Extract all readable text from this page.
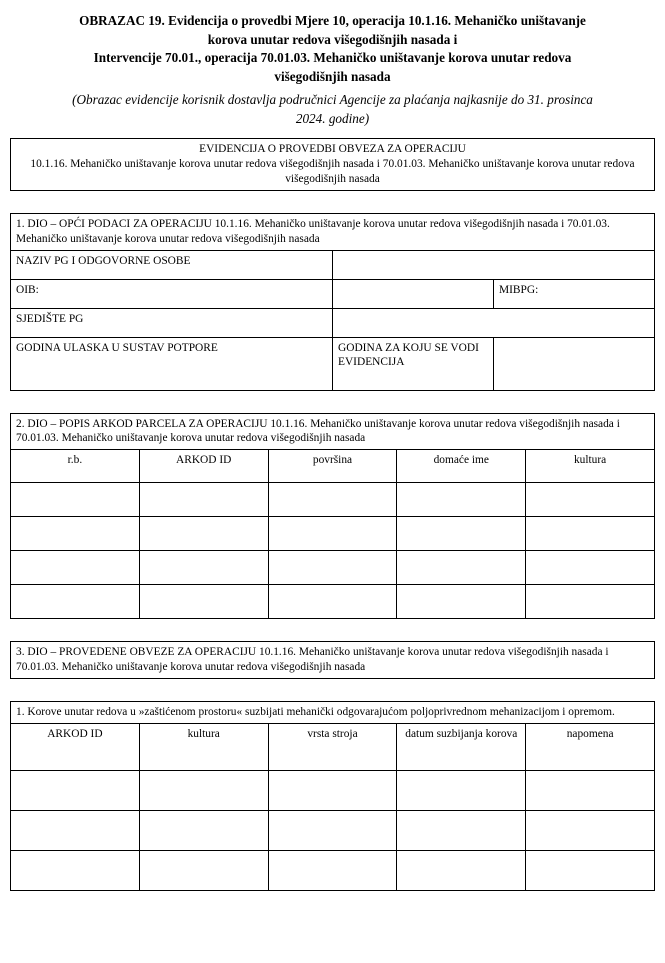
OBRAZAC 19. Evidencija o provedbi Mjere 10, operacija 10.1.16. Mehaničko uništavanje
korova unutar redova višegodišnjih nasada i
Intervencije 70.01., operacija 70.01.03. Mehaničko uništavanje korova unutar redova
višegodišnjih nasada
(Obrazac evidencije korisnik dostavlja područnici Agencije za plaćanja najkasnije do 31. prosinca
2024. godine)
EVIDENCIJA O PROVEDBI OBVEZA ZA OPERACIJU
10.1.16. Mehaničko uništavanje korova unutar redova višegodišnjih nasada i 70.01.03. Mehaničko uništavanje korova unutar redova višegodišnjih nasada
1. DIO – OPĆI PODACI ZA OPERACIJU 10.1.16. Mehaničko uništavanje korova unutar redova višegodišnjih nasada i 70.01.03. Mehaničko uništavanje korova unutar redova višegodišnjih nasada		
NAZIV PG I ODGOVORNE OSOBE		
OIB:		MIBPG:
SJEDIŠTE PG		
GODINA ULASKA U SUSTAV POTPORE	GODINA ZA KOJU SE VODI EVIDENCIJA	
2. DIO – POPIS ARKOD PARCELA ZA OPERACIJU 10.1.16. Mehaničko uništavanje korova unutar redova višegodišnjih nasada i 70.01.03. Mehaničko uništavanje korova unutar redova višegodišnjih nasada				
r.b.	ARKOD ID	površina	domaće ime	kultura

3. DIO – PROVEDENE OBVEZE ZA OPERACIJU 10.1.16. Mehaničko uništavanje korova unutar redova višegodišnjih nasada i 70.01.03. Mehaničko uništavanje korova unutar redova višegodišnjih nasada
1. Korove unutar redova u »zaštićenom prostoru« suzbijati mehanički odgovarajućom poljoprivrednom mehanizacijom i opremom.				
ARKOD ID	kultura	vrsta stroja	datum suzbijanja korova	napomena
